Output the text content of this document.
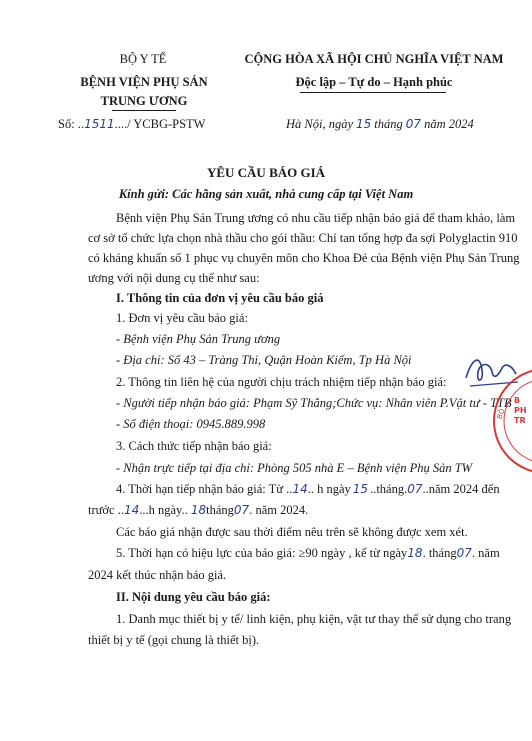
BỘ Y TẾ
BỆNH VIỆN PHỤ SẢN
TRUNG ƯƠNG
Số: ..1511..../ YCBG-PSTW
CỘNG HÒA XÃ HỘI CHỦ NGHĨA VIỆT NAM
Độc lập – Tự do – Hạnh phúc
Hà Nội, ngày 15 tháng 07 năm 2024
YÊU CẦU BÁO GIÁ
Kính gửi: Các hãng sản xuất, nhà cung cấp tại Việt Nam
Bệnh viện Phụ Sản Trung ương có nhu cầu tiếp nhận báo giá để tham khảo, làm
cơ sở tổ chức lựa chọn nhà thầu cho gói thầu: Chỉ tan tổng hợp đa sợi Polyglactin 910
có kháng khuẩn số 1 phục vụ chuyên môn cho Khoa Đẻ của Bệnh viện Phụ Sản Trung
ương với nội dung cụ thể như sau:
I. Thông tin của đơn vị yêu cầu báo giá
1. Đơn vị yêu cầu báo giá:
- Bệnh viện Phụ Sản Trung ương
- Địa chỉ: Số 43 – Tràng Thi, Quận Hoàn Kiếm, Tp Hà Nội
2. Thông tin liên hệ của người chịu trách nhiệm tiếp nhận báo giá:
- Người tiếp nhận báo giá: Phạm Sỹ Thắng;Chức vụ: Nhân viên P.Vật tư - TTB
- Số điện thoại: 0945.889.998
3. Cách thức tiếp nhận báo giá:
- Nhận trực tiếp tại địa chỉ: Phòng 505 nhà E – Bệnh viện Phụ Sản TW
4. Thời hạn tiếp nhận báo giá: Từ ..14.. h ngày 15 ..tháng.07..năm 2024 đến
trước ..14...h ngày.. 18tháng07. năm 2024.
Các báo giá nhận được sau thời điểm nêu trên sẽ không được xem xét.
5. Thời hạn có hiệu lực của báo giá: ≥90 ngày , kể từ ngày18. tháng07. năm
2024 kết thúc nhận báo giá.
II. Nội dung yêu cầu báo giá:
1. Danh mục thiết bị y tế/ linh kiện, phụ kiện, vật tư thay thế sử dụng cho trang
thiết bị y tế (gọi chung là thiết bị).
B
PH
TR
BỘ
